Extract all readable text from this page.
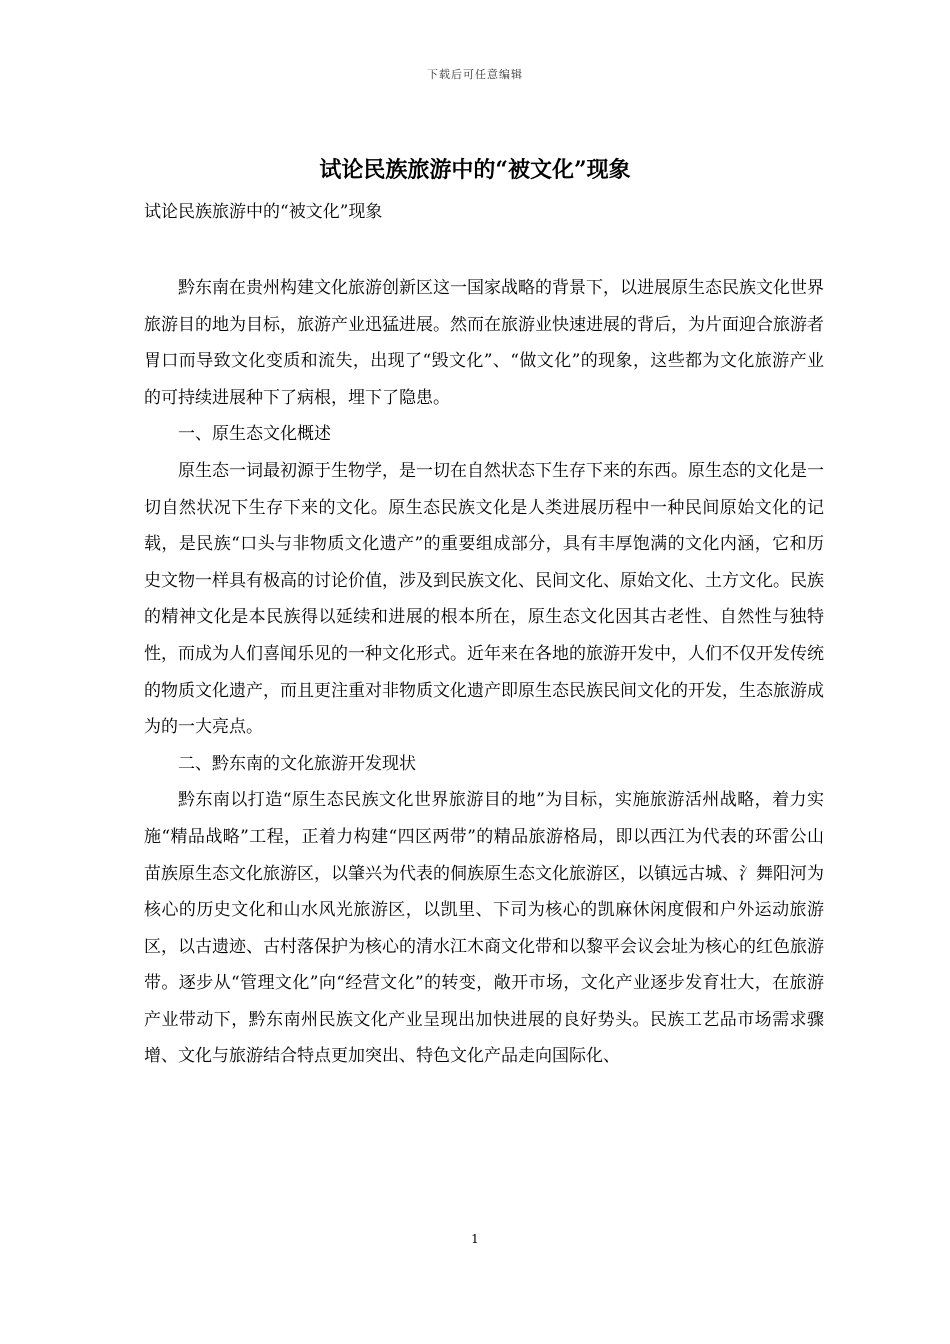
下载后可任意编辑
试论民族旅游中的“被文化”现象

试论民族旅游中的“被文化”现象

黔东南在贵州构建文化旅游创新区这一国家战略的背景下，以进展原生态民族文化世界旅游目的地为目标，旅游产业迅猛进展。然而在旅游业快速进展的背后，为片面迎合旅游者胃口而导致文化变质和流失，出现了“毁文化”、“做文化”的现象，这些都为文化旅游产业的可持续进展种下了病根，埋下了隐患。

一、原生态文化概述

原生态一词最初源于生物学，是一切在自然状态下生存下来的东西。原生态的文化是一切自然状况下生存下来的文化。原生态民族文化是人类进展历程中一种民间原始文化的记载，是民族“口头与非物质文化遗产”的重要组成部分，具有丰厚饱满的文化内涵，它和历史文物一样具有极高的讨论价值，涉及到民族文化、民间文化、原始文化、土方文化。民族的精神文化是本民族得以延续和进展的根本所在，原生态文化因其古老性、自然性与独特性，而成为人们喜闻乐见的一种文化形式。近年来在各地的旅游开发中，人们不仅开发传统的物质文化遗产，而且更注重对非物质文化遗产即原生态民族民间文化的开发，生态旅游成为的一大亮点。

二、黔东南的文化旅游开发现状

黔东南以打造“原生态民族文化世界旅游目的地”为目标，实施旅游活州战略，着力实施“精品战略”工程，正着力构建“四区两带”的精品旅游格局，即以西江为代表的环雷公山苗族原生态文化旅游区，以肇兴为代表的侗族原生态文化旅游区，以镇远古城、氵舞阳河为核心的历史文化和山水风光旅游区，以凯里、下司为核心的凯麻休闲度假和户外运动旅游区，以古遗迹、古村落保护为核心的清水江木商文化带和以黎平会议会址为核心的红色旅游带。逐步从“管理文化”向“经营文化”的转变，敞开市场，文化产业逐步发育壮大，在旅游产业带动下，黔东南州民族文化产业呈现出加快进展的良好势头。民族工艺品市场需求骤增、文化与旅游结合特点更加突出、特色文化产品走向国际化、

1
